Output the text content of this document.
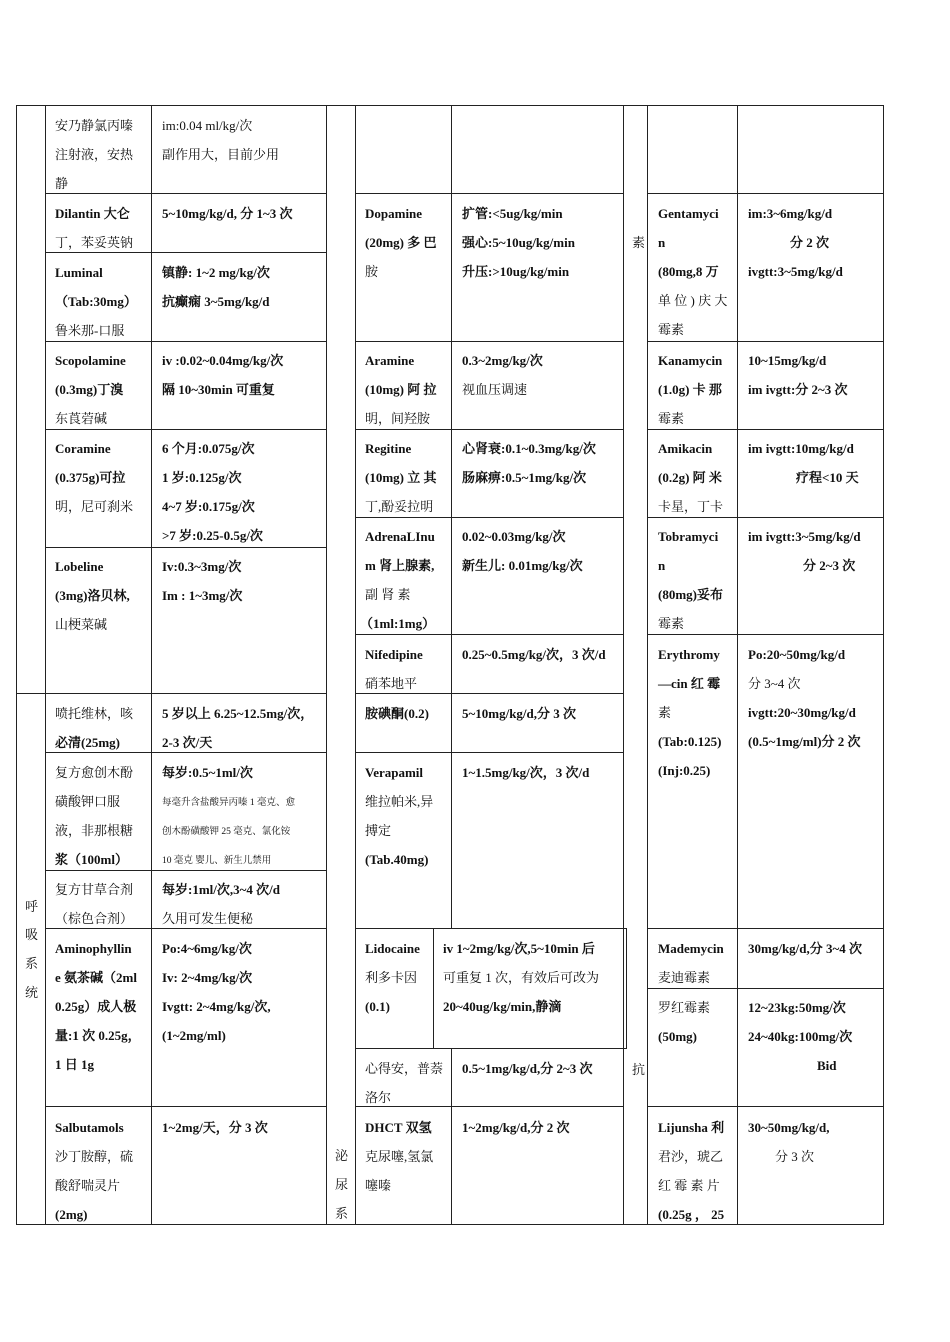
呼
吸
系
统
泌
尿
系
素
抗
安乃静氯丙嗪
注射液，安热
静
im:0.04 ml/kg/次
副作用大，目前少用
Dilantin 大仑
丁，苯妥英钠
5~10mg/kg/d, 分 1~3 次
Luminal
（Tab:30mg）
鲁米那-口服
镇静: 1~2 mg/kg/次
抗癫痫 3~5mg/kg/d
Scopolamine
(0.3mg)丁溴
东莨菪碱
iv :0.02~0.04mg/kg/次
隔 10~30min 可重复
Coramine
(0.375g)可拉
明，尼可刹米
6 个月:0.075g/次
1 岁:0.125g/次
4~7 岁:0.175g/次
>7 岁:0.25-0.5g/次
Lobeline
(3mg)洛贝林,
山梗菜碱
Iv:0.3~3mg/次
Im : 1~3mg/次
喷托维林，咳
必清(25mg)
5 岁以上 6.25~12.5mg/次，
2-3 次/天
复方愈创木酚
磺酸钾口服
液，非那根糖
浆（100ml）
每岁:0.5~1ml/次
每毫升含盐酸异丙嗪 1 毫克、愈
创木酚磺酸钾 25 毫克、氯化铵
10 毫克 婴儿、新生儿禁用
复方甘草合剂
（棕色合剂）
每岁:1ml/次,3~4 次/d
久用可发生便秘
Aminophyllin
e 氨茶碱（2ml
0.25g）成人极
量:1 次 0.25g，
1 日 1g
Po:4~6mg/kg/次
Iv: 2~4mg/kg/次
Ivgtt: 2~4mg/kg/次,
(1~2mg/ml)
Salbutamols
沙丁胺醇，硫
酸舒喘灵片
(2mg)
1~2mg/天，分 3 次
Dopamine
(20mg) 多 巴
胺
扩管:<5ug/kg/min
强心:5~10ug/kg/min
升压:>10ug/kg/min
Aramine
(10mg) 阿 拉
明，间羟胺
0.3~2mg/kg/次
视血压调速
Regitine
(10mg) 立 其
丁,酚妥拉明
心肾衰:0.1~0.3mg/kg/次
肠麻痹:0.5~1mg/kg/次
AdrenaLInu
m 肾上腺素,
副 肾 素
（1ml:1mg）
0.02~0.03mg/kg/次
新生儿: 0.01mg/kg/次
Nifedipine
硝苯地平
0.25~0.5mg/kg/次，3 次/d
胺碘酮(0.2)	5~10mg/kg/d,分 3 次
Verapamil
维拉帕米,异
搏定
(Tab.40mg)
1~1.5mg/kg/次，3 次/d
Lidocaine
利多卡因
(0.1)
iv 1~2mg/kg/次,5~10min 后
可重复 1 次，有效后可改为
20~40ug/kg/min,静滴
心得安，普萘
洛尔
0.5~1mg/kg/d,分 2~3 次
DHCT 双氢
克尿噻,氢氯
噻嗪
1~2mg/kg/d,分 2 次
Gentamyci
n
(80mg,8 万
单 位 ) 庆 大
霉素
im:3~6mg/kg/d
分 2 次
ivgtt:3~5mg/kg/d
Kanamycin
(1.0g) 卡 那
霉素
10~15mg/kg/d
im ivgtt:分 2~3 次
Amikacin
(0.2g) 阿 米
卡星，丁卡
im ivgtt:10mg/kg/d
疗程<10 天
Tobramyci
n
(80mg)妥布
霉素
im ivgtt:3~5mg/kg/d
分 2~3 次
Erythromy
—cin 红 霉
素
(Tab:0.125)
(Inj:0.25)
Po:20~50mg/kg/d
分 3~4 次
ivgtt:20~30mg/kg/d
(0.5~1mg/ml)分 2 次
Mademycin
麦迪霉素
30mg/kg/d,分 3~4 次
罗红霉素
(50mg)
12~23kg:50mg/次
24~40kg:100mg/次
Bid
Lijunsha 利
君沙，琥乙
红 霉 素 片
(0.25g ， 25
30~50mg/kg/d,
分 3 次
